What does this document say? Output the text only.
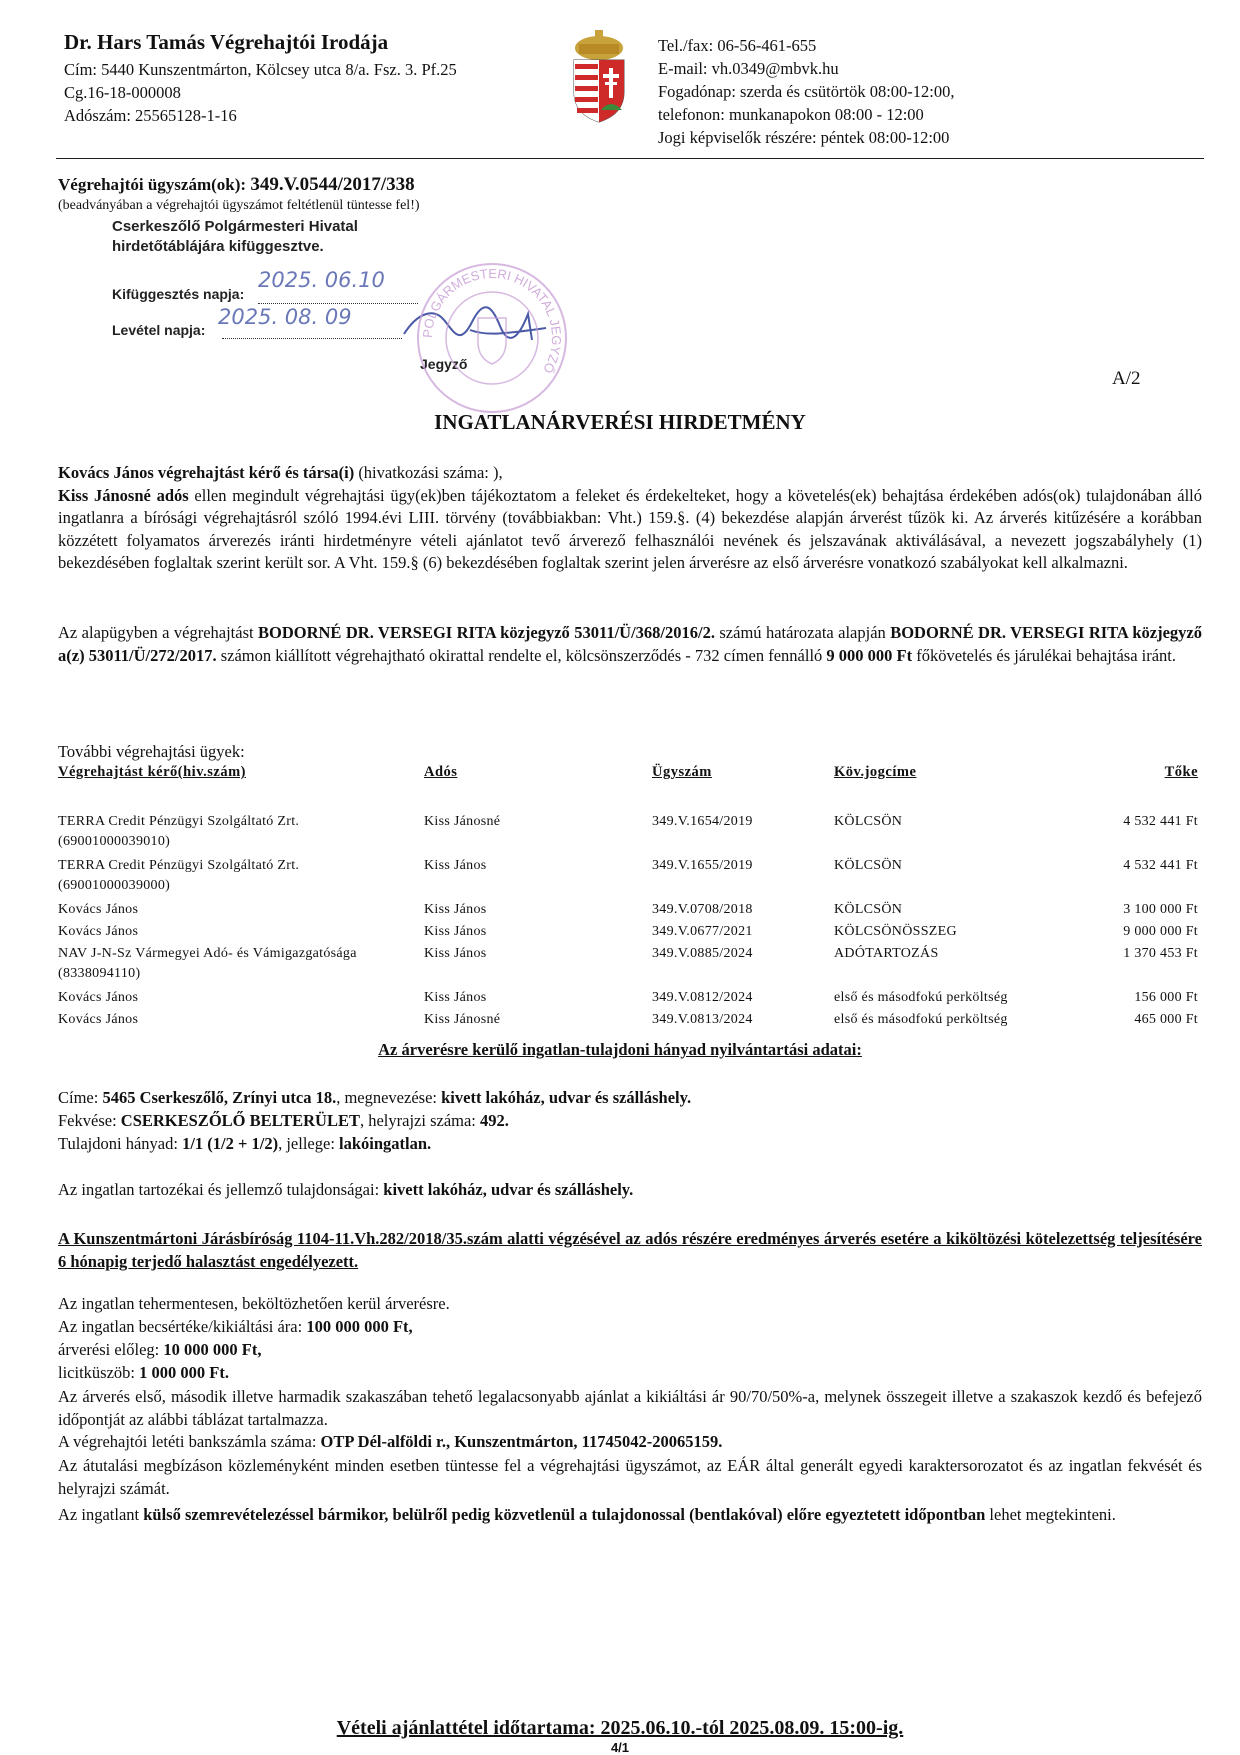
Dr. Hars Tamás Végrehajtói Irodája
Cím: 5440 Kunszentmárton, Kölcsey utca 8/a. Fsz. 3. Pf.25
Cg.16-18-000008
Adószám: 25565128-1-16
Tel./fax: 06-56-461-655
E-mail: vh.0349@mbvk.hu
Fogadónap: szerda és csütörtök 08:00-12:00,
telefonon: munkanapokon 08:00 - 12:00
Jogi képviselők részére: péntek 08:00-12:00
Végrehajtói ügyszám(ok): 349.V.0544/2017/338
(beadványában a végrehajtói ügyszámot feltétlenül tüntesse fel!)
Cserkeszőlő Polgármesteri Hivatal
hirdetőtáblájára kifüggesztve.
Kifüggesztés napja:
2025. 06.10
Levétel napja:
2025. 08. 09
Jegyző
POLGÁRMESTERI HIVATAL JEGYZŐ
A/2
INGATLANÁRVERÉSI HIRDETMÉNY
Kovács János végrehajtást kérő és társa(i) (hivatkozási száma: ),
Kiss Jánosné adós ellen megindult végrehajtási ügy(ek)ben tájékoztatom a feleket és érdekelteket, hogy a követelés(ek) behajtása érdekében adós(ok) tulajdonában álló ingatlanra a bírósági végrehajtásról szóló 1994.évi LIII. törvény (továbbiakban: Vht.) 159.§. (4) bekezdése alapján árverést tűzök ki. Az árverés kitűzésére a korábban közzétett folyamatos árverezés iránti hirdetményre vételi ajánlatot tevő árverező felhasználói nevének és jelszavának aktiválásával, a nevezett jogszabályhely (1) bekezdésében foglaltak szerint került sor. A Vht. 159.§ (6) bekezdésében foglaltak szerint jelen árverésre az első árverésre vonatkozó szabályokat kell alkalmazni.
Az alapügyben a végrehajtást BODORNÉ DR. VERSEGI RITA közjegyző 53011/Ü/368/2016/2. számú határozata alapján BODORNÉ DR. VERSEGI RITA közjegyző a(z) 53011/Ü/272/2017. számon kiállított végrehajtható okirattal rendelte el, kölcsönszerződés - 732 címen fennálló 9 000 000 Ft főkövetelés és járulékai behajtása iránt.
További végrehajtási ügyek:
Végrehajtást kérő(hiv.szám)	Adós	Ügyszám	Köv.jogcíme	Tőke
TERRA Credit Pénzügyi Szolgáltató Zrt.
(69001000039010)
Kiss Jánosné	349.V.1654/2019	KÖLCSÖN	4 532 441 Ft
TERRA Credit Pénzügyi Szolgáltató Zrt.
(69001000039000)
Kiss János	349.V.1655/2019	KÖLCSÖN	4 532 441 Ft
Kovács János	Kiss János	349.V.0708/2018	KÖLCSÖN	3 100 000 Ft
Kovács János	Kiss János	349.V.0677/2021	KÖLCSÖNÖSSZEG	9 000 000 Ft
NAV J-N-Sz Vármegyei Adó- és Vámigazgatósága
(8338094110)
Kiss János	349.V.0885/2024	ADÓTARTOZÁS	1 370 453 Ft
Kovács János	Kiss János	349.V.0812/2024	első és másodfokú perköltség	156 000 Ft
Kovács János	Kiss Jánosné	349.V.0813/2024	első és másodfokú perköltség	465 000 Ft
Az árverésre kerülő ingatlan-tulajdoni hányad nyilvántartási adatai:
Címe: 5465 Cserkeszőlő, Zrínyi utca 18., megnevezése: kivett lakóház, udvar és szálláshely.
Fekvése: CSERKESZŐLŐ BELTERÜLET, helyrajzi száma: 492.
Tulajdoni hányad: 1/1 (1/2 + 1/2), jellege: lakóingatlan.
Az ingatlan tartozékai és jellemző tulajdonságai: kivett lakóház, udvar és szálláshely.
A Kunszentmártoni Járásbíróság 1104-11.Vh.282/2018/35.szám alatti végzésével az adós részére eredményes árverés esetére a kiköltözési kötelezettség teljesítésére 6 hónapig terjedő halasztást engedélyezett.
Az ingatlan tehermentesen, beköltözhetően kerül árverésre.
Az ingatlan becsértéke/kikiáltási ára: 100 000 000 Ft,
árverési előleg: 10 000 000 Ft,
licitküszöb: 1 000 000 Ft.
Az árverés első, második illetve harmadik szakaszában tehető legalacsonyabb ajánlat a kikiáltási ár 90/70/50%-a, melynek összegeit illetve a szakaszok kezdő és befejező időpontját az alábbi táblázat tartalmazza.
A végrehajtói letéti bankszámla száma: OTP Dél-alföldi r., Kunszentmárton, 11745042-20065159.
Az átutalási megbízáson közleményként minden esetben tüntesse fel a végrehajtási ügyszámot, az EÁR által generált egyedi karaktersorozatot és az ingatlan fekvését és helyrajzi számát.
Az ingatlant külső szemrevételezéssel bármikor, belülről pedig közvetlenül a tulajdonossal (bentlakóval) előre egyeztetett időpontban lehet megtekinteni.
Vételi ajánlattétel időtartama: 2025.06.10.-tól 2025.08.09. 15:00-ig.
4/1
